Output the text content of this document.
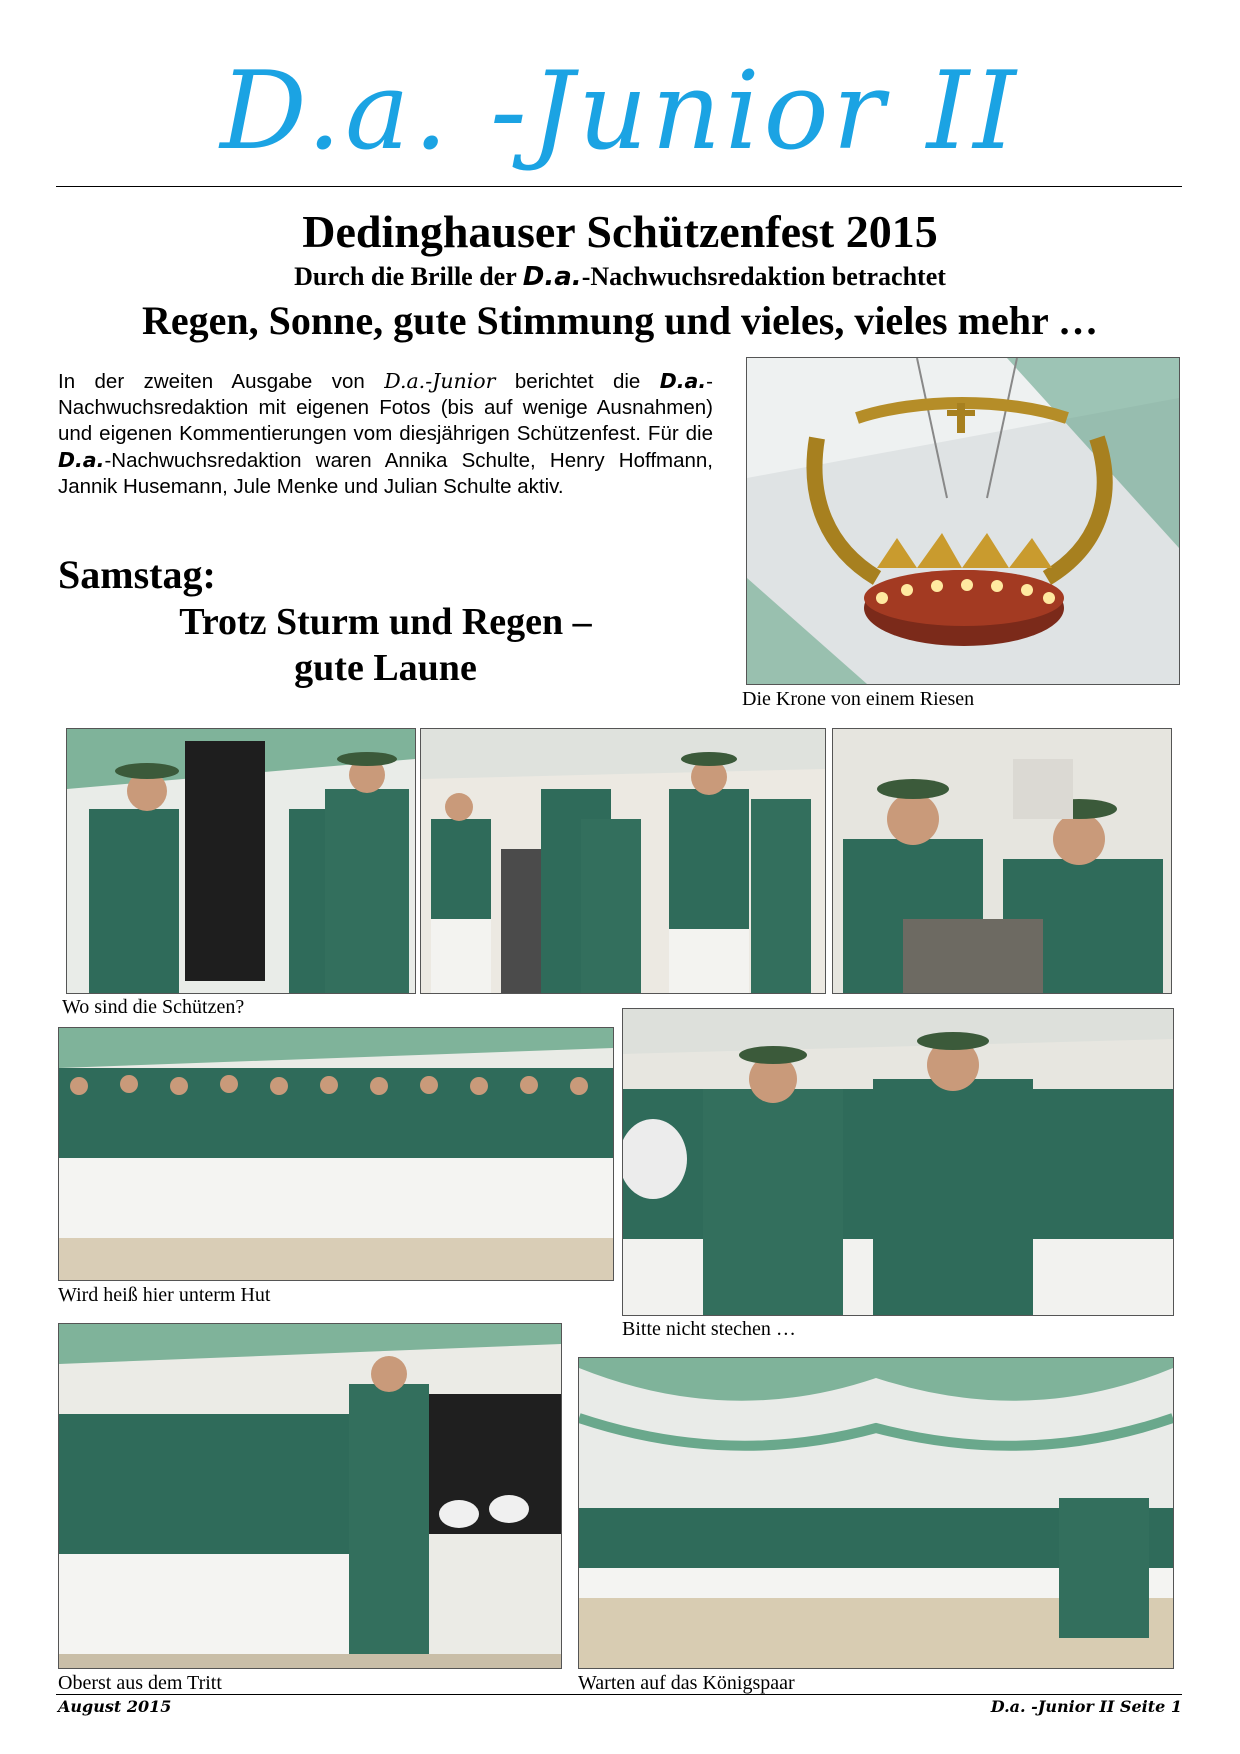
D.a. -Junior II
Dedinghauser Schützenfest 2015
Durch die Brille der D.a.-Nachwuchsredaktion betrachtet
Regen, Sonne, gute Stimmung und vieles, vieles mehr …
In der zweiten Ausgabe von D.a.-Junior berichtet die D.a.-Nachwuchsredaktion mit eigenen Fotos (bis auf wenige Ausnahmen) und eigenen Kommentierungen vom diesjährigen Schützenfest. Für die D.a.-Nachwuchsredaktion waren Annika Schulte, Henry Hoffmann, Jannik Husemann, Jule Menke und Julian Schulte aktiv.
Samstag:
Trotz Sturm und Regen –
gute Laune
Die Krone von einem Riesen
Wo sind die Schützen?
Wird heiß hier unterm Hut
Bitte nicht stechen …
Oberst aus dem Tritt	Warten auf das Königspaar
August 2015	D.a. -Junior II Seite 1
